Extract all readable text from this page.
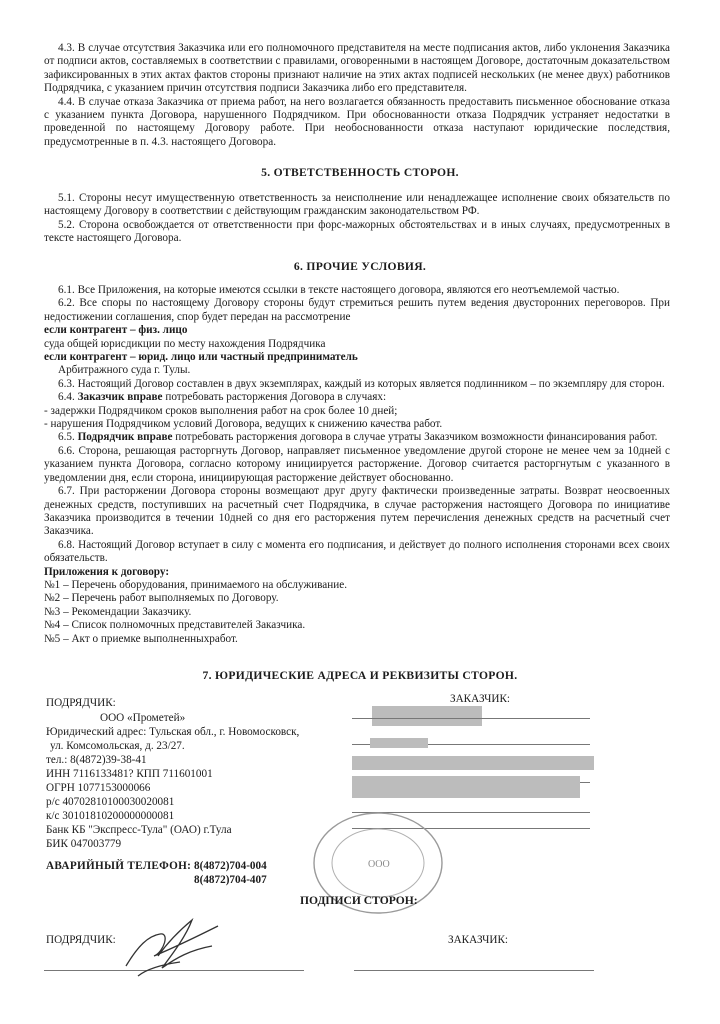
4.3. В случае отсутствия Заказчика или его полномочного представителя на месте подписания актов, либо уклонения Заказчика от подписи актов, составляемых в соответствии с правилами, оговоренными в настоящем Договоре, достаточным доказательством зафиксированных в этих актах фактов стороны признают наличие на этих актах подписей нескольких (не менее двух) работников Подрядчика, с указанием причин отсутствия подписи Заказчика либо его представителя.

4.4. В случае отказа Заказчика от приема работ, на него возлагается обязанность предоставить письменное обоснование отказа с указанием пункта Договора, нарушенного Подрядчиком. При обоснованности отказа Подрядчик устраняет недостатки в проведенной по настоящему Договору работе. При необоснованности отказа наступают юридические последствия, предусмотренные в п. 4.3. настоящего Договора.

5. ОТВЕТСТВЕННОСТЬ СТОРОН.

5.1. Стороны несут имущественную ответственность за неисполнение или ненадлежащее исполнение своих обязательств по настоящему Договору в соответствии с действующим гражданским законодательством РФ.

5.2. Сторона освобождается от ответственности при форс-мажорных обстоятельствах и в иных случаях, предусмотренных в тексте настоящего Договора.

6. ПРОЧИЕ УСЛОВИЯ.

6.1. Все Приложения, на которые имеются ссылки в тексте настоящего договора, являются его неотъемлемой частью.

6.2. Все споры по настоящему Договору стороны будут стремиться решить путем ведения двусторонних переговоров. При недостижении соглашения, спор будет передан на рассмотрение

если контрагент – физ. лицо

суда общей юрисдикции по месту нахождения Подрядчика

если контрагент – юрид. лицо или частный предприниматель

Арбитражного суда г. Тулы.

6.3. Настоящий Договор составлен в двух экземплярах, каждый из которых является подлинником – по экземпляру для сторон.

6.4. Заказчик вправе потребовать расторжения Договора в случаях:

- задержки Подрядчиком сроков выполнения работ на срок более 10 дней;

- нарушения Подрядчиком условий Договора, ведущих к снижению качества работ.

6.5. Подрядчик вправе потребовать расторжения договора в случае утраты Заказчиком возможности финансирования работ.

6.6. Сторона, решающая расторгнуть Договор, направляет письменное уведомление другой стороне не менее чем за 10дней с указанием пункта Договора, согласно которому инициируется расторжение. Договор считается расторгнутым с указанного в уведомлении дня, если сторона, инициирующая расторжение действует обоснованно.

6.7. При расторжении Договора стороны возмещают друг другу фактически произведенные затраты. Возврат неосвоенных денежных средств, поступивших на расчетный счет Подрядчика, в случае расторжения настоящего Договора по инициативе Заказчика производится в течении 10дней со дня его расторжения путем перечисления денежных средств на расчетный счет Заказчика.

6.8. Настоящий Договор вступает в силу с момента его подписания, и действует до полного исполнения сторонами всех своих обязательств.

Приложения к договору:

№1 – Перечень оборудования, принимаемого на обслуживание.

№2 – Перечень работ выполняемых по Договору.

№3 – Рекомендации Заказчику.

№4 – Список полномочных представителей Заказчика.

№5 – Акт о приемке выполненныхработ.

7. ЮРИДИЧЕСКИЕ АДРЕСА И РЕКВИЗИТЫ СТОРОН.
ПОДРЯДЧИК:	ЗАКАЗЧИК:
ООО «Прометей»
Юридический адрес: Тульская обл., г. Новомосковск,
ул. Комсомольская, д. 23/27.
тел.: 8(4872)39-38-41
ИНН 7116133481? КПП 711601001
ОГРН 1077153000066
р/с 40702810100030020081
к/с 30101810200000000081
Банк КБ "Экспресс-Тула" (ОАО) г.Тула
БИК 047003779
АВАРИЙНЫЙ ТЕЛЕФОН: 8(4872)704-004
8(4872)704-407
ООО
ПОДПИСИ СТОРОН:
ПОДРЯДЧИК:	ЗАКАЗЧИК:
